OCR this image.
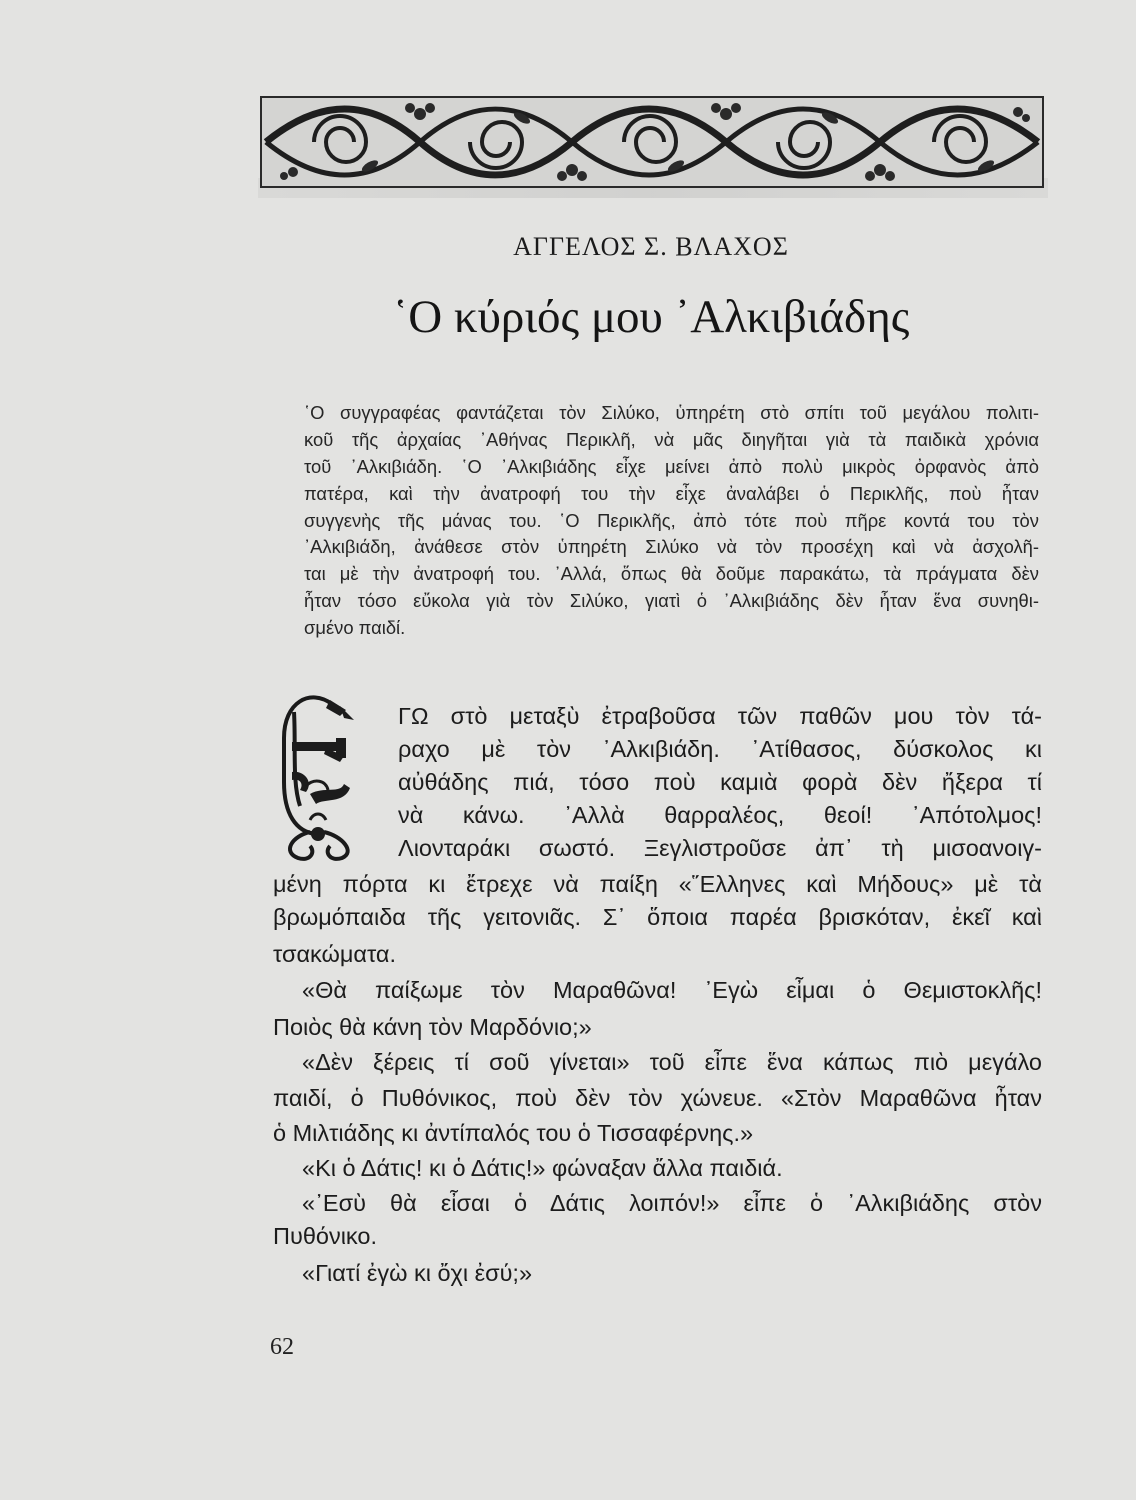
ΑΓΓΕΛΟΣ Σ. ΒΛΑΧΟΣ
῾Ο κύριός μου ᾿Αλκιβιάδης
῾Ο συγγραφέας φαντάζεται τὸν Σιλύκο, ὑπηρέτη στὸ σπίτι τοῦ μεγάλου πολιτι-
κοῦ τῆς ἀρχαίας ᾿Αθήνας Περικλῆ, νὰ μᾶς διηγῆται γιὰ τὰ παιδικὰ χρόνια
τοῦ ᾿Αλκιβιάδη. ῾Ο ᾿Αλκιβιάδης εἶχε μείνει ἀπὸ πολὺ μικρὸς ὀρφανὸς ἀπὸ
πατέρα, καὶ τὴν ἀνατροφή του τὴν εἶχε ἀναλάβει ὁ Περικλῆς, ποὺ ἦταν
συγγενὴς τῆς μάνας του. ῾Ο Περικλῆς, ἀπὸ τότε ποὺ πῆρε κοντά του τὸν
᾿Αλκιβιάδη, ἀνάθεσε στὸν ὑπηρέτη Σιλύκο νὰ τὸν προσέχη καὶ νὰ ἀσχολῆ-
ται μὲ τὴν ἀνατροφή του. ᾿Αλλά, ὅπως θὰ δοῦμε παρακάτω, τὰ πράγματα δὲν
ἦταν τόσο εὔκολα γιὰ τὸν Σιλύκο, γιατὶ ὁ ᾿Αλκιβιάδης δὲν ἦταν ἕνα συνηθι-
σμένο παιδί.
ΓΩ στὸ μεταξὺ ἐτραβοῦσα τῶν παθῶν μου τὸν τά-
ραχο μὲ τὸν ᾿Αλκιβιάδη. ᾿Ατίθασος, δύσκολος κι
αὐθάδης πιά, τόσο ποὺ καμιὰ φορὰ δὲν ἤξερα τί
νὰ κάνω. ᾿Αλλὰ θαρραλέος, θεοί! ᾿Απότολμος!
Λιονταράκι σωστό. Ξεγλιστροῦσε ἀπ᾿ τὴ μισοανοιγ-
μένη πόρτα κι ἔτρεχε νὰ παίξη «῞Ελληνες καὶ Μήδους» μὲ τὰ
βρωμόπαιδα τῆς γειτονιᾶς. Σ᾿ ὅποια παρέα βρισκόταν, ἐκεῖ καὶ
τσακώματα.
«Θὰ παίξωμε τὸν Μαραθῶνα! ᾿Εγὼ εἶμαι ὁ Θεμιστοκλῆς!
Ποιὸς θὰ κάνη τὸν Μαρδόνιο;»
«Δὲν ξέρεις τί σοῦ γίνεται» τοῦ εἶπε ἕνα κάπως πιὸ μεγάλο
παιδί, ὁ Πυθόνικος, ποὺ δὲν τὸν χώνευε. «Στὸν Μαραθῶνα ἦταν
ὁ Μιλτιάδης κι ἀντίπαλός του ὁ Τισσαφέρνης.»
«Κι ὁ Δάτις! κι ὁ Δάτις!» φώναξαν ἄλλα παιδιά.
«᾿Εσὺ θὰ εἶσαι ὁ Δάτις λοιπόν!» εἶπε ὁ ᾿Αλκιβιάδης στὸν
Πυθόνικο.
«Γιατί ἐγὼ κι ὄχι ἐσύ;»
62
